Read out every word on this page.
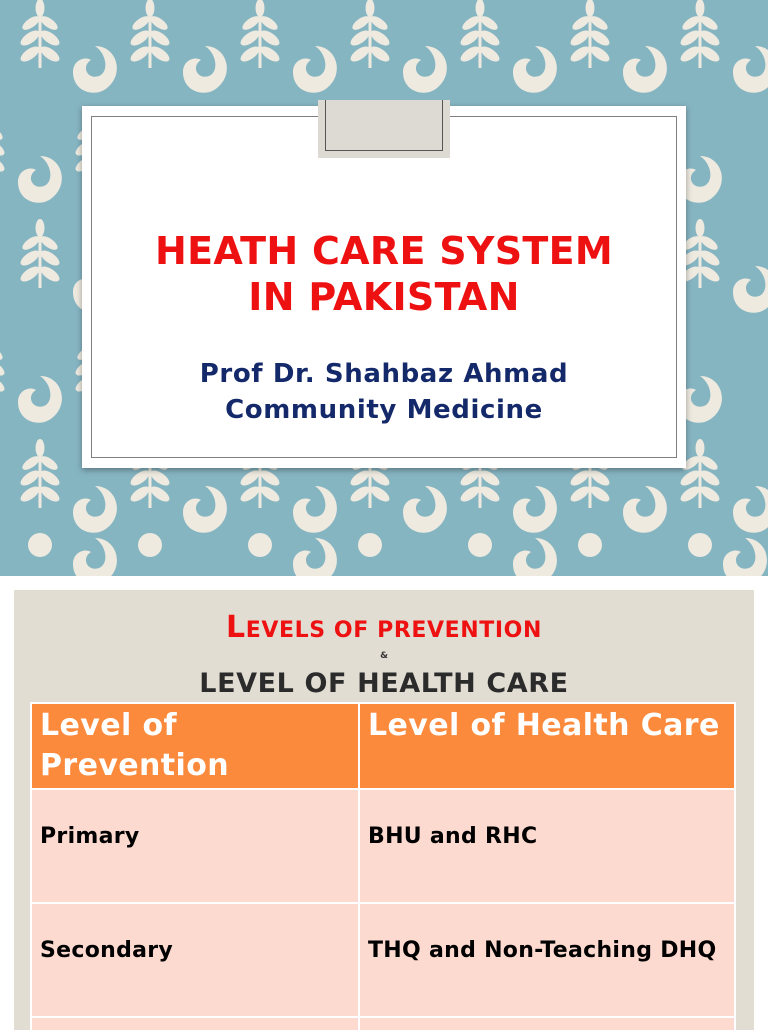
HEATH CARE SYSTEM
IN PAKISTAN
Prof Dr. Shahbaz Ahmad
Community Medicine
LEVELS OF PREVENTION
&
LEVEL OF HEALTH CARE
Level of Prevention	Level of Health Care
Primary	BHU and RHC
Secondary	THQ and Non-Teaching DHQ
